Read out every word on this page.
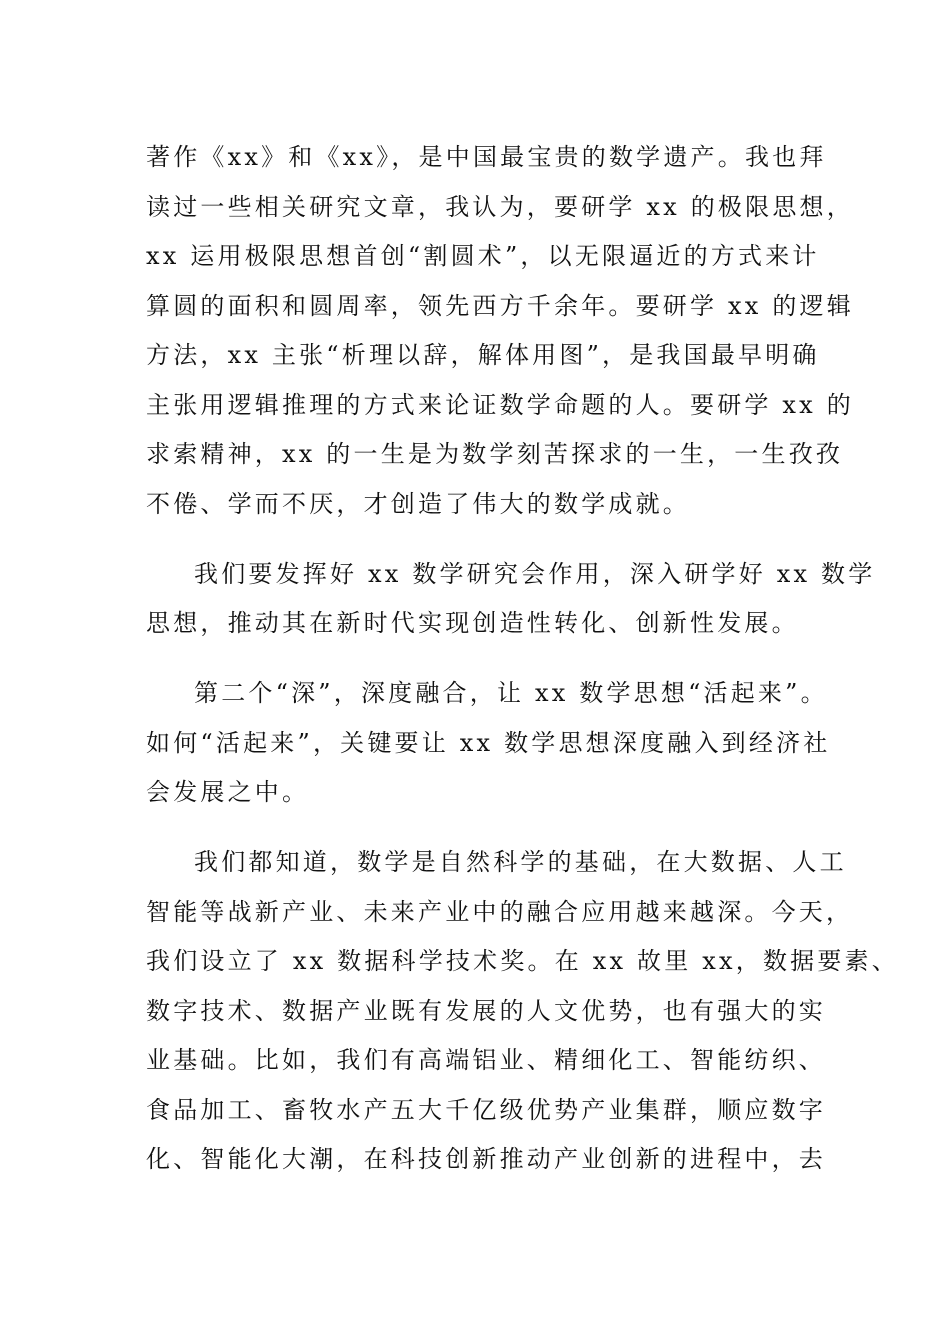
著作《xx》和《xx》，是中国最宝贵的数学遗产。我也拜
读过一些相关研究文章，我认为，要研学 xx 的极限思想，
xx 运用极限思想首创“割圆术”，以无限逼近的方式来计
算圆的面积和圆周率，领先西方千余年。要研学 xx 的逻辑
方法，xx 主张“析理以辞，解体用图”，是我国最早明确
主张用逻辑推理的方式来论证数学命题的人。要研学 xx 的
求索精神，xx 的一生是为数学刻苦探求的一生，一生孜孜
不倦、学而不厌，才创造了伟大的数学成就。

我们要发挥好 xx 数学研究会作用，深入研学好 xx 数学
思想，推动其在新时代实现创造性转化、创新性发展。

第二个“深”，深度融合，让 xx 数学思想“活起来”。
如何“活起来”，关键要让 xx 数学思想深度融入到经济社
会发展之中。

我们都知道，数学是自然科学的基础，在大数据、人工
智能等战新产业、未来产业中的融合应用越来越深。今天，
我们设立了 xx 数据科学技术奖。在 xx 故里 xx，数据要素、
数字技术、数据产业既有发展的人文优势，也有强大的实
业基础。比如，我们有高端铝业、精细化工、智能纺织、
食品加工、畜牧水产五大千亿级优势产业集群，顺应数字
化、智能化大潮，在科技创新推动产业创新的进程中，去
